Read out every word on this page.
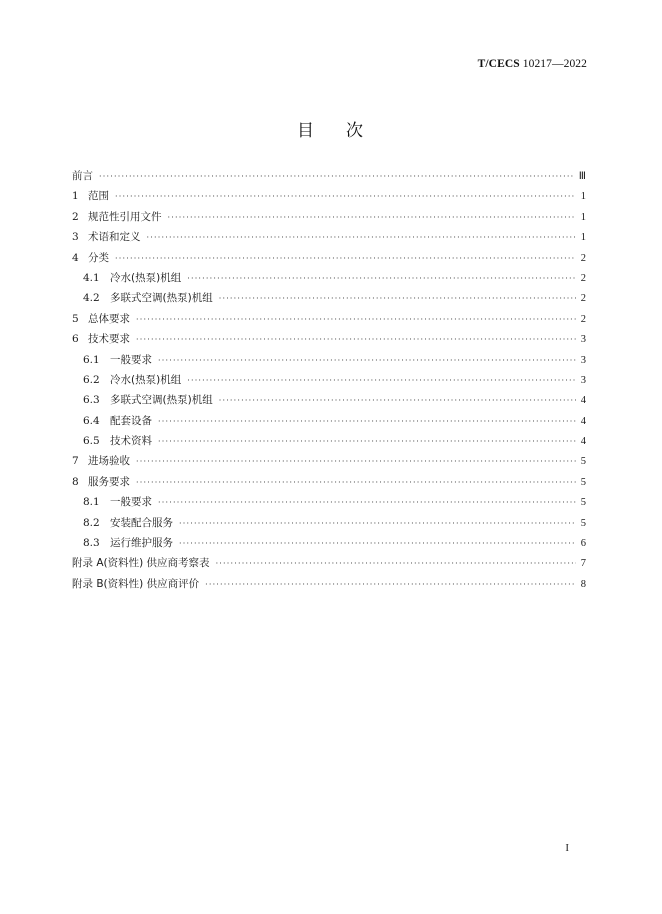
T/CECS 10217—2022
目次
前言 ·····	Ⅲ
1 范围 ·····	1
2 规范性引用文件 ·····	1
3 术语和定义 ·····	1
4 分类 ·····	2
4.1 冷水(热泵)机组 ·····	2
4.2 多联式空调(热泵)机组 ·····	2
5 总体要求 ·····	2
6 技术要求 ·····	3
6.1 一般要求 ·····	3
6.2 冷水(热泵)机组 ·····	3
6.3 多联式空调(热泵)机组 ·····	4
6.4 配套设备 ·····	4
6.5 技术资料 ·····	4
7 进场验收 ·····	5
8 服务要求 ·····	5
8.1 一般要求 ·····	5
8.2 安装配合服务 ·····	5
8.3 运行维护服务 ·····	6
附录 A(资料性) 供应商考察表 ·····	7
附录 B(资料性) 供应商评价 ·····	8
I
